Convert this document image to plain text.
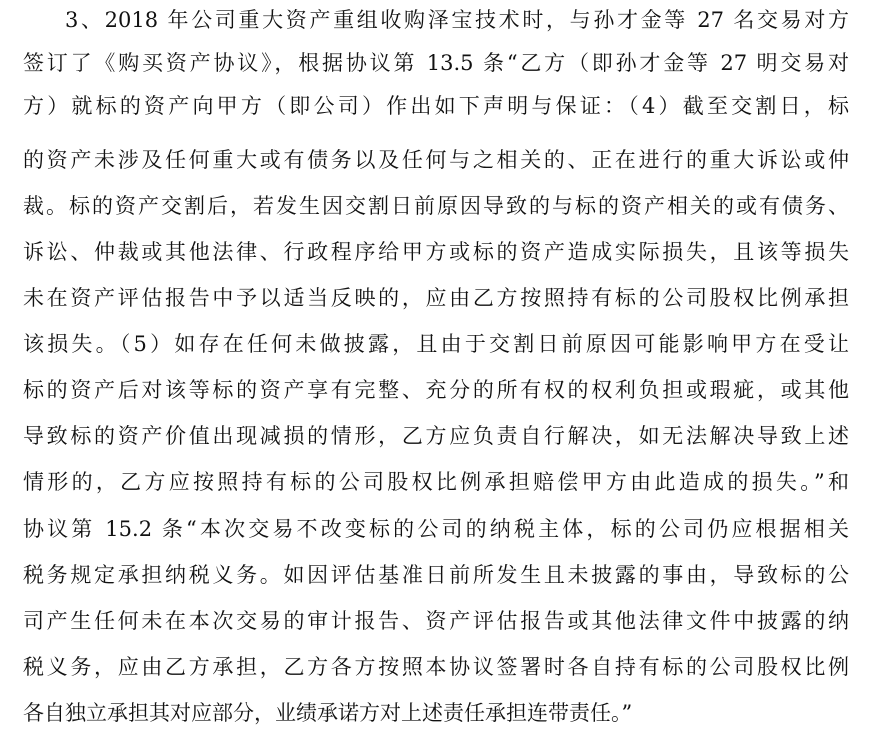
3、2018 年公司重大资产重组收购泽宝技术时，与孙才金等 27 名交易对方
签订了《购买资产协议》，根据协议第 13.5 条“乙方（即孙才金等 27 明交易对
方）就标的资产向甲方（即公司）作出如下声明与保证：（4）截至交割日，标
的资产未涉及任何重大或有债务以及任何与之相关的、正在进行的重大诉讼或仲
裁。标的资产交割后，若发生因交割日前原因导致的与标的资产相关的或有债务、
诉讼、仲裁或其他法律、行政程序给甲方或标的资产造成实际损失，且该等损失
未在资产评估报告中予以适当反映的，应由乙方按照持有标的公司股权比例承担
该损失。（5）如存在任何未做披露，且由于交割日前原因可能影响甲方在受让
标的资产后对该等标的资产享有完整、充分的所有权的权利负担或瑕疵，或其他
导致标的资产价值出现减损的情形，乙方应负责自行解决，如无法解决导致上述
情形的，乙方应按照持有标的公司股权比例承担赔偿甲方由此造成的损失。”和
协议第 15.2 条“本次交易不改变标的公司的纳税主体，标的公司仍应根据相关
税务规定承担纳税义务。如因评估基准日前所发生且未披露的事由，导致标的公
司产生任何未在本次交易的审计报告、资产评估报告或其他法律文件中披露的纳
税义务，应由乙方承担，乙方各方按照本协议签署时各自持有标的公司股权比例
各自独立承担其对应部分，业绩承诺方对上述责任承担连带责任。”
